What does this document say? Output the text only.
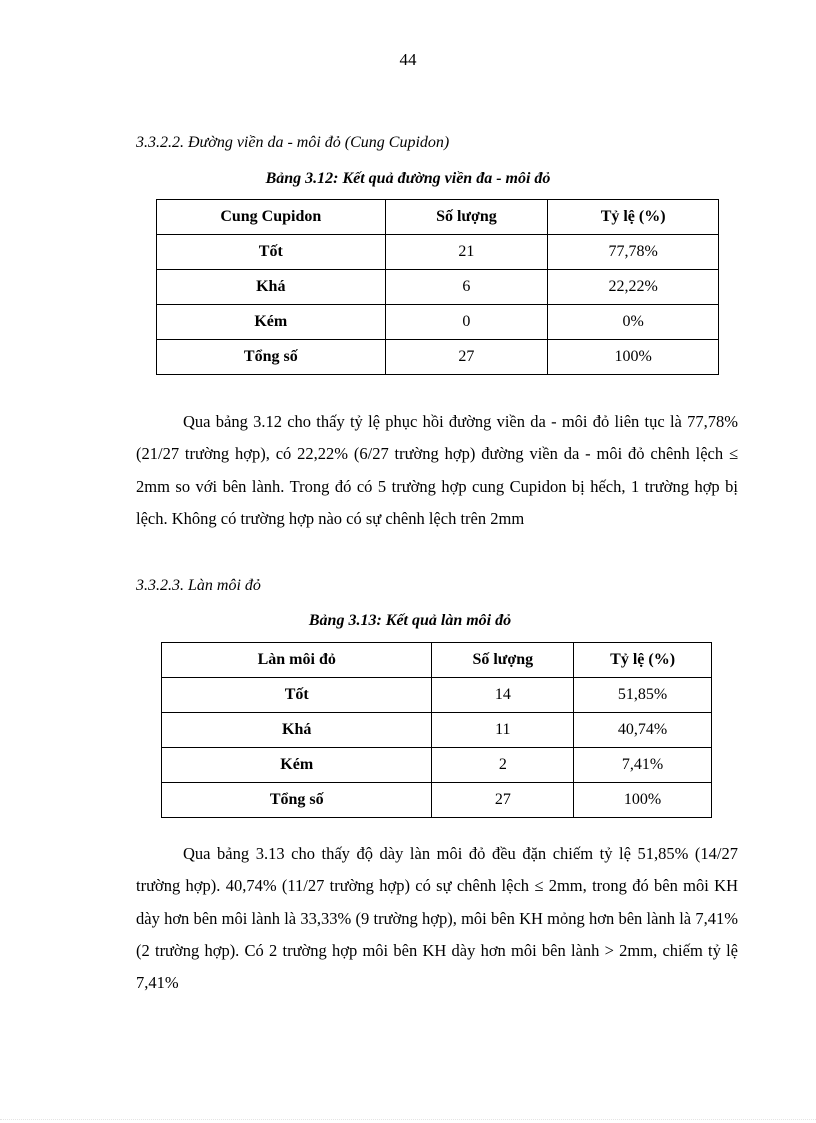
44
3.3.2.2. Đường viền da - môi đỏ (Cung Cupidon)
Bảng 3.12: Kết quả đường viền đa - môi đỏ
Cung Cupidon	Số lượng	Tỷ lệ (%)
Tốt	21	77,78%
Khá	6	22,22%
Kém	0	0%
Tổng số	27	100%

Qua bảng 3.12 cho thấy tỷ lệ phục hồi đường viền da - môi đỏ liên tục là 77,78% (21/27 trường hợp), có 22,22% (6/27 trường hợp) đường viền da - môi đỏ chênh lệch ≤ 2mm so với bên lành. Trong đó có 5 trường hợp cung Cupidon bị hếch, 1 trường hợp bị lệch. Không có trường hợp nào có sự chênh lệch trên 2mm

3.3.2.3. Làn môi đỏ
Bảng 3.13: Kết quả làn môi đỏ
Làn môi đỏ	Số lượng	Tỷ lệ (%)
Tốt	14	51,85%
Khá	11	40,74%
Kém	2	7,41%
Tổng số	27	100%

Qua bảng 3.13 cho thấy độ dày làn môi đỏ đều đặn chiếm tỷ lệ 51,85% (14/27 trường hợp). 40,74% (11/27 trường hợp) có sự chênh lệch ≤ 2mm, trong đó bên môi KH dày hơn bên môi lành là 33,33% (9 trường hợp), môi bên KH mỏng hơn bên lành là 7,41% (2 trường hợp). Có 2 trường hợp môi bên KH dày hơn môi bên lành > 2mm, chiếm tỷ lệ 7,41%
